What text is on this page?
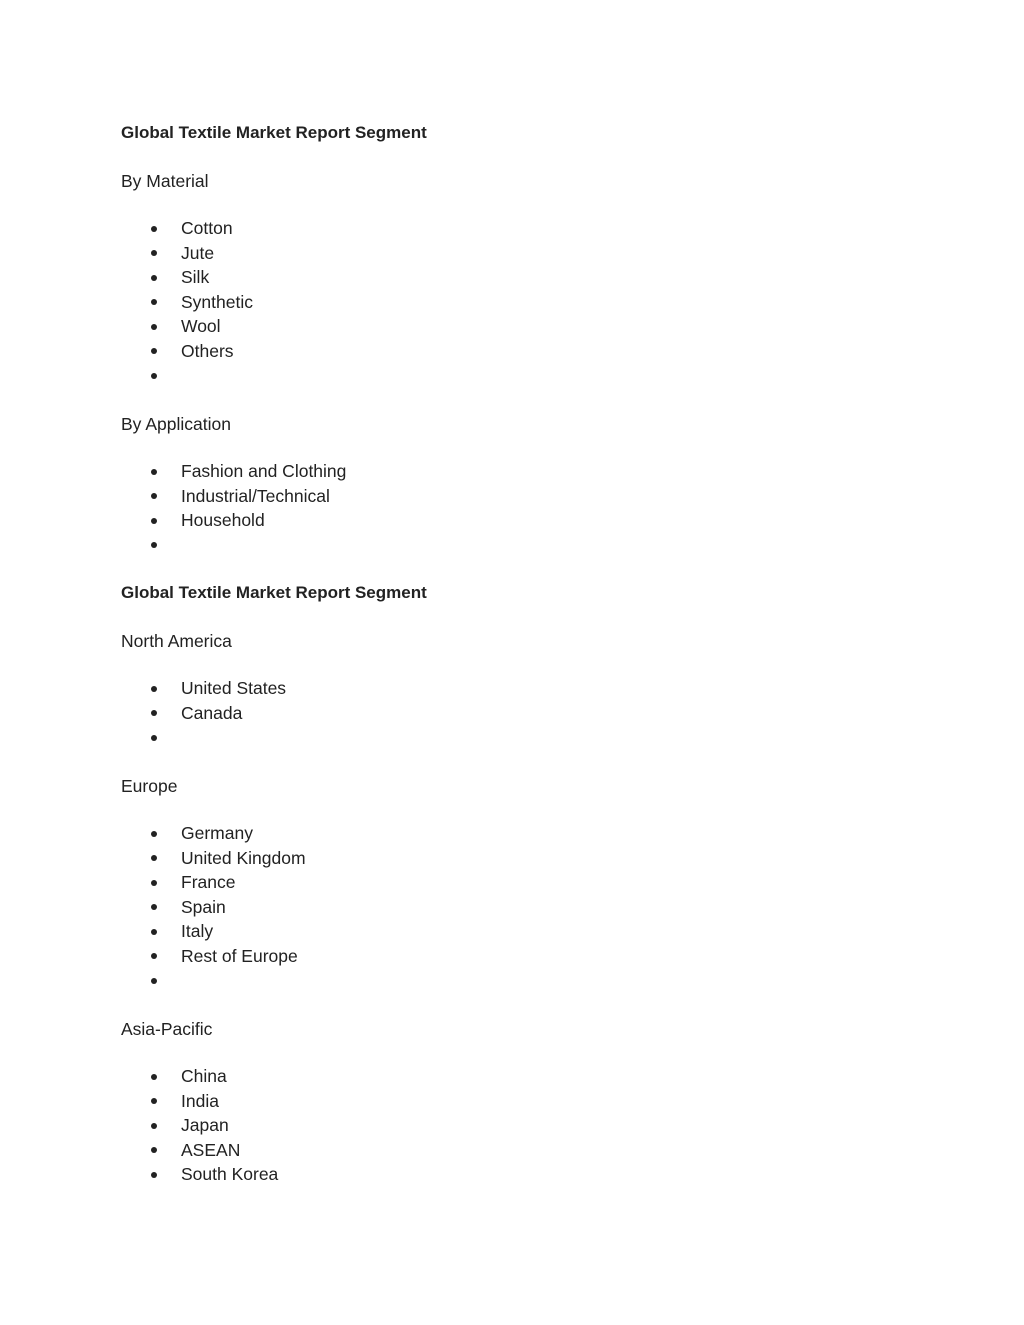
Global Textile Market Report Segment
By Material
Cotton
Jute
Silk
Synthetic
Wool
Others
By Application
Fashion and Clothing
Industrial/Technical
Household
Global Textile Market Report Segment
North America
United States
Canada
Europe
Germany
United Kingdom
France
Spain
Italy
Rest of Europe
Asia-Pacific
China
India
Japan
ASEAN
South Korea
